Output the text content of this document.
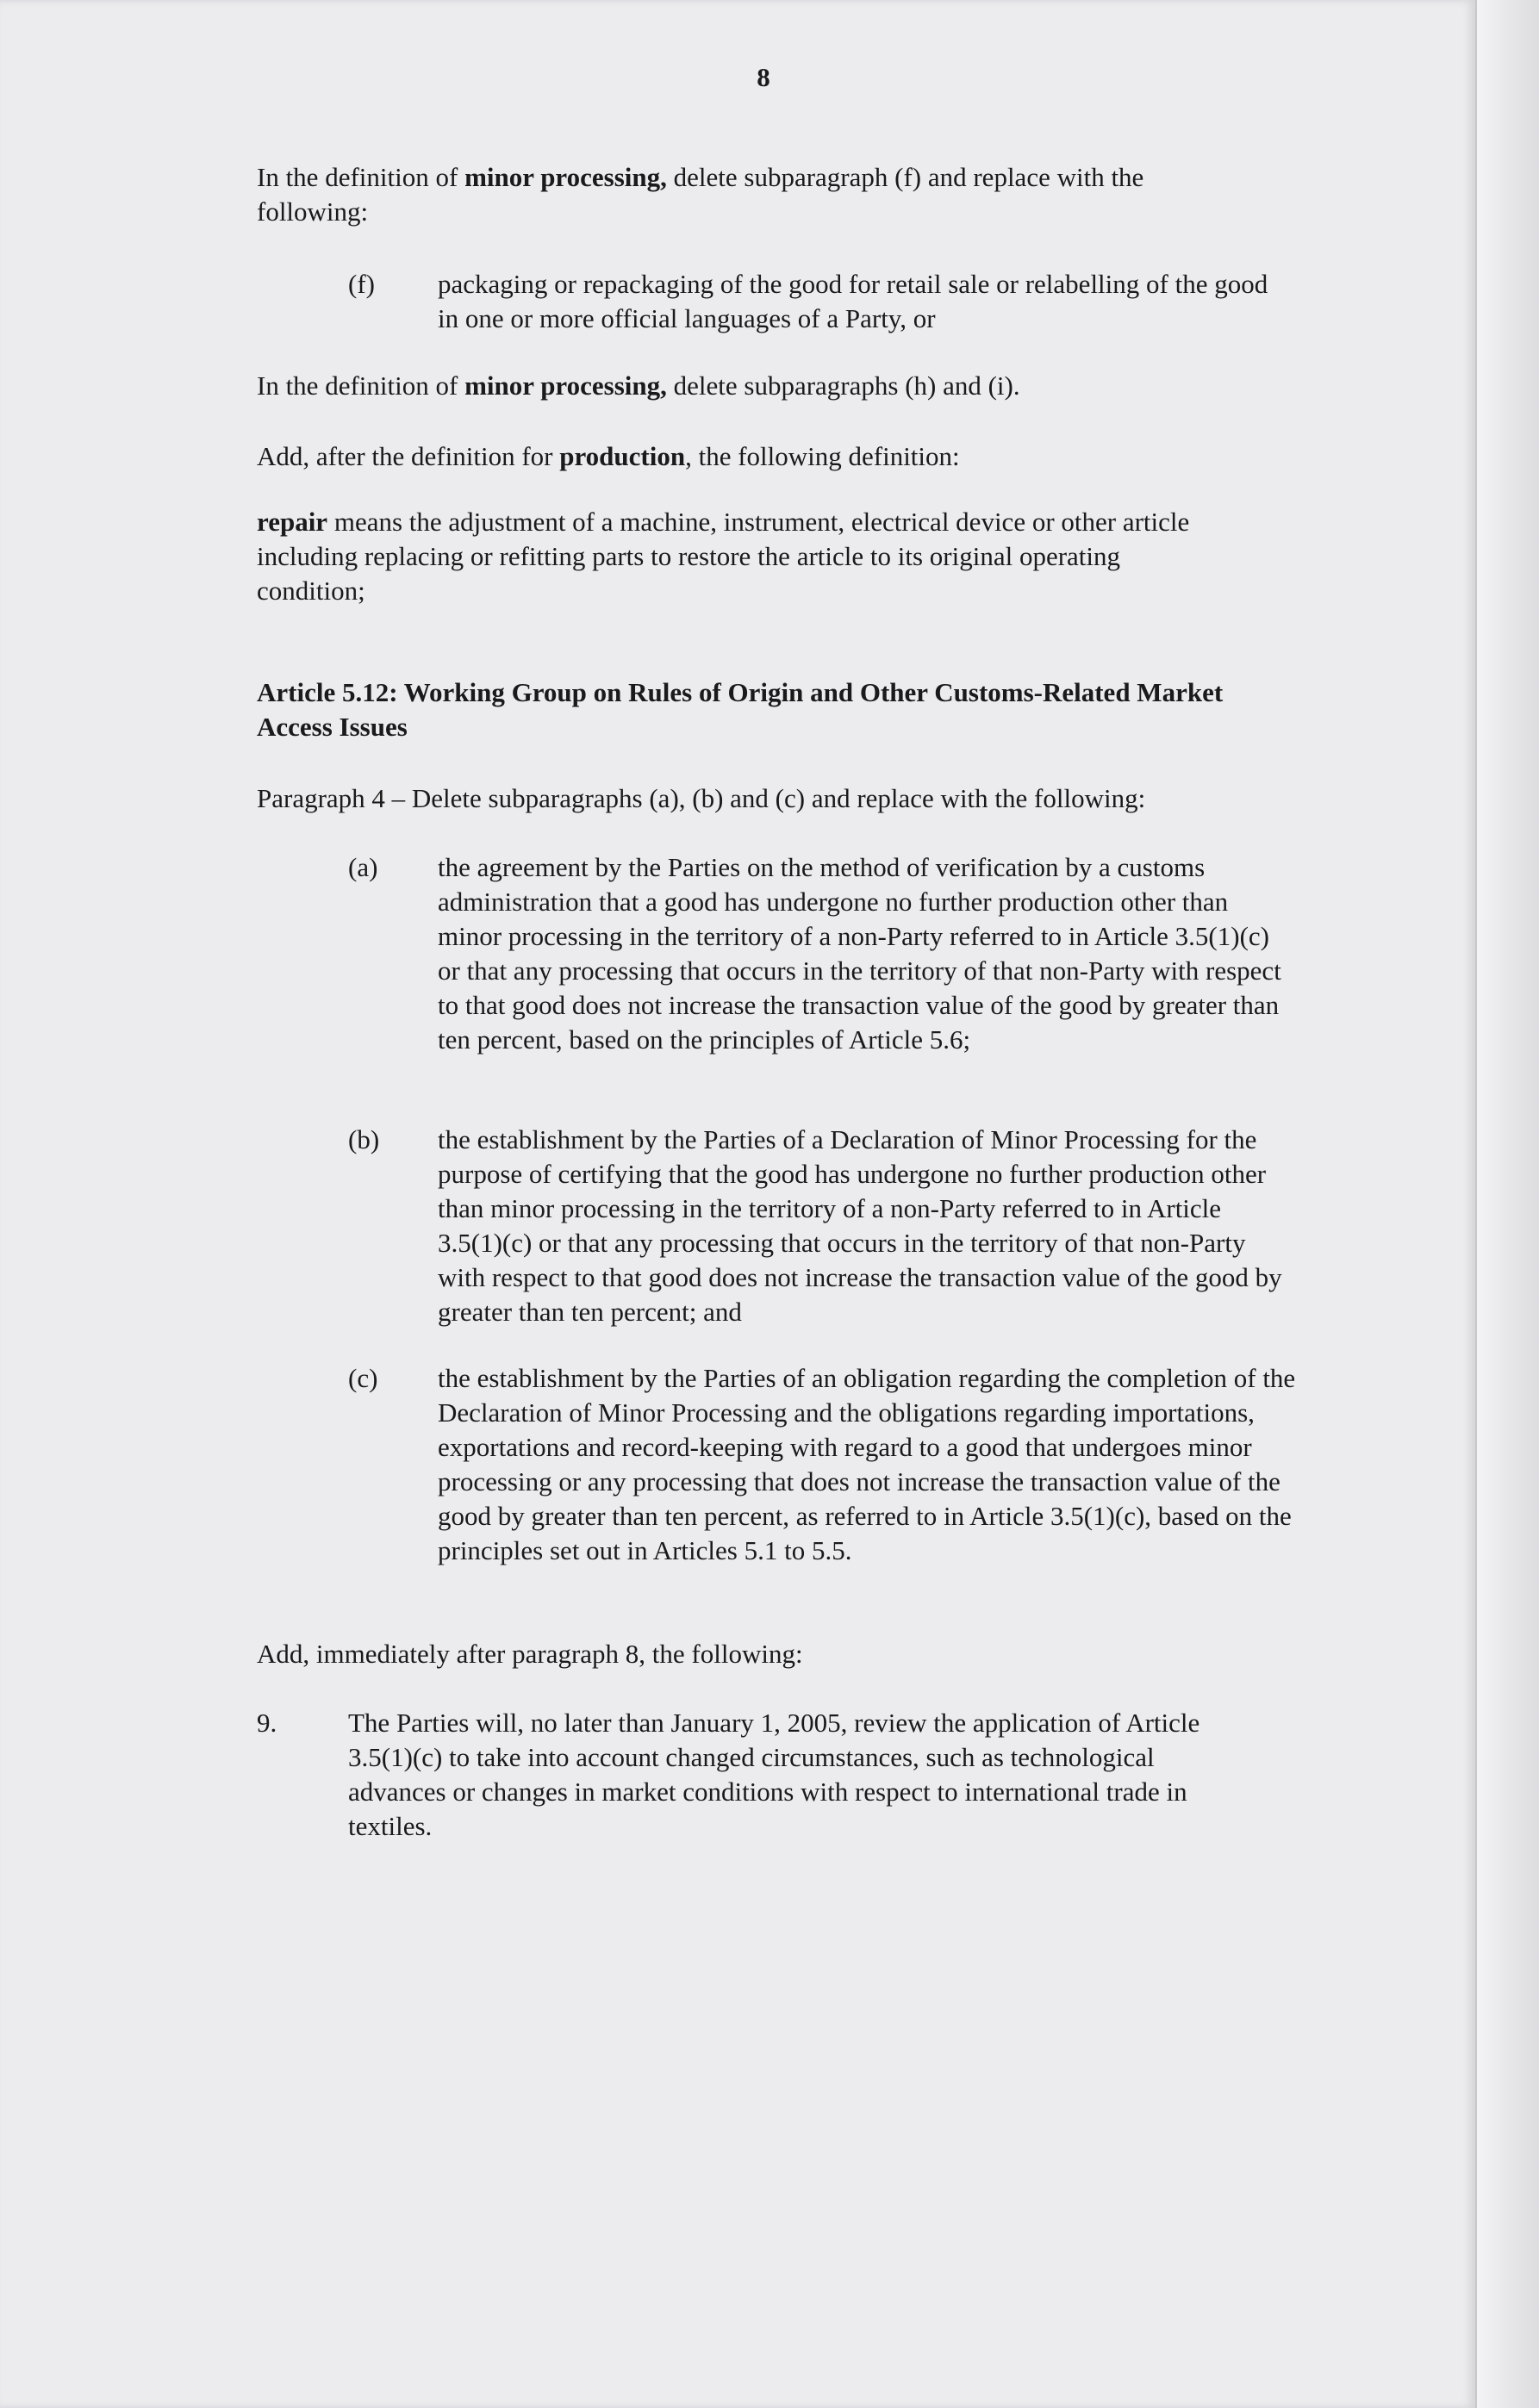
8

In the definition of minor processing, delete subparagraph (f) and replace with the following:

(f) packaging or repackaging of the good for retail sale or relabelling of the good in one or more official languages of a Party, or

In the definition of minor processing, delete subparagraphs (h) and (i).

Add, after the definition for production, the following definition:

repair means the adjustment of a machine, instrument, electrical device or other article including replacing or refitting parts to restore the article to its original operating condition;

Article 5.12: Working Group on Rules of Origin and Other Customs-Related Market Access Issues

Paragraph 4 – Delete subparagraphs (a), (b) and (c) and replace with the following:

(a) the agreement by the Parties on the method of verification by a customs administration that a good has undergone no further production other than minor processing in the territory of a non-Party referred to in Article 3.5(1)(c) or that any processing that occurs in the territory of that non-Party with respect to that good does not increase the transaction value of the good by greater than ten percent, based on the principles of Article 5.6;

(b) the establishment by the Parties of a Declaration of Minor Processing for the purpose of certifying that the good has undergone no further production other than minor processing in the territory of a non-Party referred to in Article 3.5(1)(c) or that any processing that occurs in the territory of that non-Party with respect to that good does not increase the transaction value of the good by greater than ten percent; and

(c) the establishment by the Parties of an obligation regarding the completion of the Declaration of Minor Processing and the obligations regarding importations, exportations and record-keeping with regard to a good that undergoes minor processing or any processing that does not increase the transaction value of the good by greater than ten percent, as referred to in Article 3.5(1)(c), based on the principles set out in Articles 5.1 to 5.5.

Add, immediately after paragraph 8, the following:

9.	The Parties will, no later than January 1, 2005, review the application of Article 3.5(1)(c) to take into account changed circumstances, such as technological advances or changes in market conditions with respect to international trade in textiles.
